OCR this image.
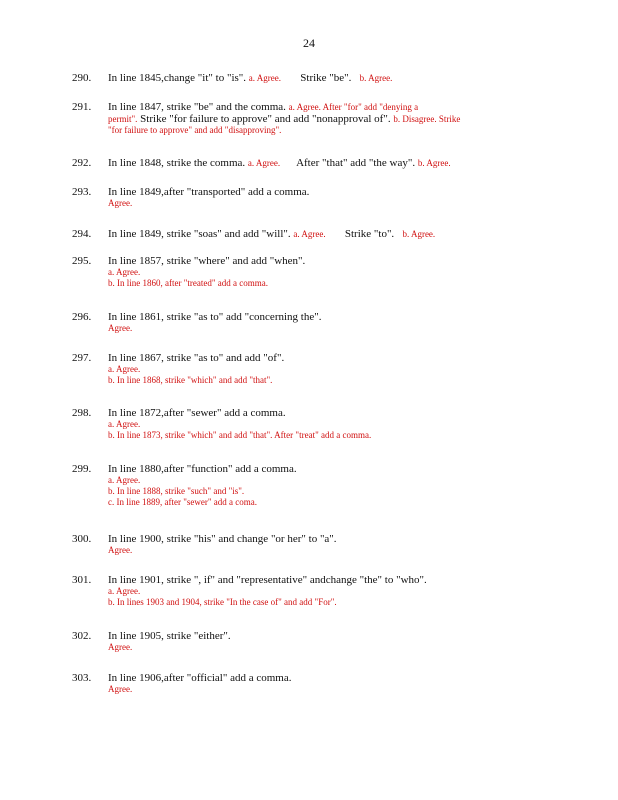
24
290. In line 1845,change "it" to "is". a. Agree. Strike "be". b. Agree.
291. In line 1847, strike "be" and the comma. a. Agree. After "for" add "denying a
permit". Strike "for failure to approve" and add "nonapproval of". b. Disagree. Strike
"for failure to approve" and add "disapproving".
292. In line 1848, strike the comma. a. Agree. After "that" add "the way". b. Agree.
293. In line 1849,after "transported" add a comma.
Agree.
294. In line 1849, strike "soas" and add "will". a. Agree. Strike "to". b. Agree.
295. In line 1857, strike "where" and add "when".
a. Agree.
b. In line 1860, after "treated" add a comma.
296. In line 1861, strike "as to" add "concerning the".
Agree.
297. In line 1867, strike "as to" and add "of".
a. Agree.
b. In line 1868, strike "which" and add "that".
298. In line 1872,after "sewer" add a comma.
a. Agree.
b. In line 1873, strike "which" and add "that". After "treat" add a comma.
299. In line 1880,after "function" add a comma.
a. Agree.
b. In line 1888, strike "such" and "is".
c. In line 1889, after "sewer" add a coma.
300. In line 1900, strike "his" and change "or her" to "a".
Agree.
301. In line 1901, strike ", if" and "representative" andchange "the" to "who".
a. Agree.
b. In lines 1903 and 1904, strike "In the case of" and add "For".
302. In line 1905, strike "either".
Agree.
303. In line 1906,after "official" add a comma.
Agree.
